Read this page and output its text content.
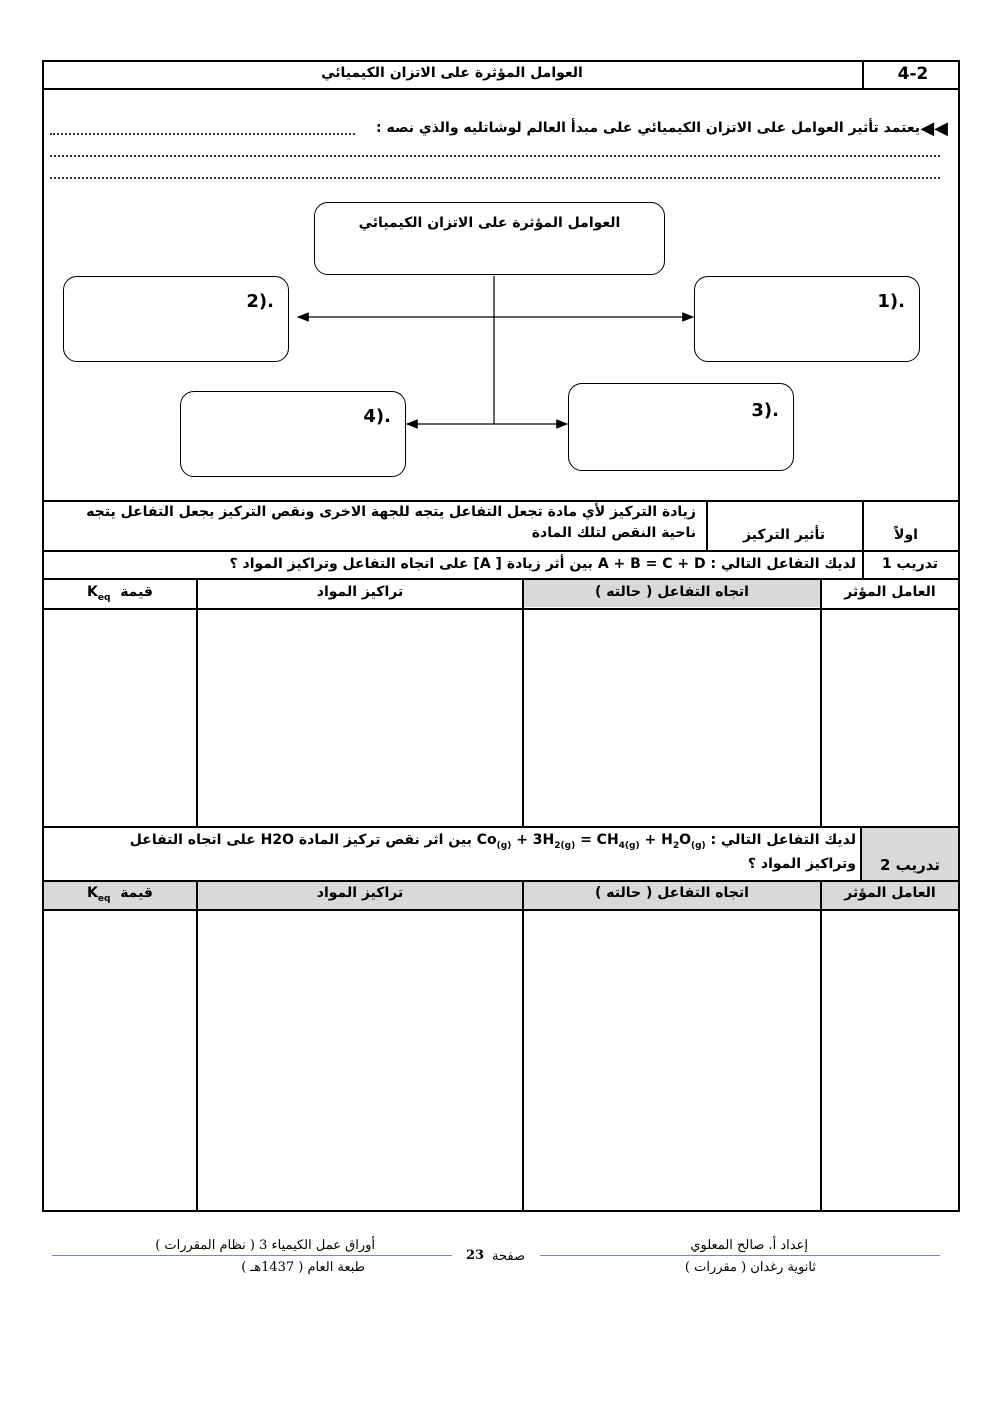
4-2
العوامل المؤثرة على الاتزان الكيميائي
◀◀
يعتمد تأثير العوامل على الاتزان الكيميائي على مبدأ العالم لوشاتليه والذي نصه :
العوامل المؤثرة على الاتزان الكيميائي
1).
2).
3).
4).
اولاً
تأثير التركيز
زيادة التركيز لأي مادة تجعل التفاعل يتجه للجهة الاخرى ونقص التركيز يجعل التفاعل يتجه
ناحية النقص لتلك المادة
تدريب 1
لديك التفاعل التالي : A + B = C + D بين أثر زيادة [ A] على اتجاه التفاعل وتراكيز المواد ؟
العامل المؤثر
اتجاه التفاعل ( حالته )
تراكيز المواد
$K_{eq}$ قيمة
تدريب 2
لديك التفاعل التالي : $Co_{(g)} + 3H_{2(g)} = CH_{4(g)} + H_2O_{(g)}$ بين اثر نقص تركيز المادة H2O على اتجاه التفاعل
وتراكيز المواد ؟
العامل المؤثر
اتجاه التفاعل ( حالته )
تراكيز المواد
$K_{eq}$ قيمة
إعداد أ. صالح المعلوي
ثانوية رغدان ( مقررات )
23 صفحة
أوراق عمل الكيمياء 3 ( نظام المقررات )
طبعة العام ( 1437هـ )
